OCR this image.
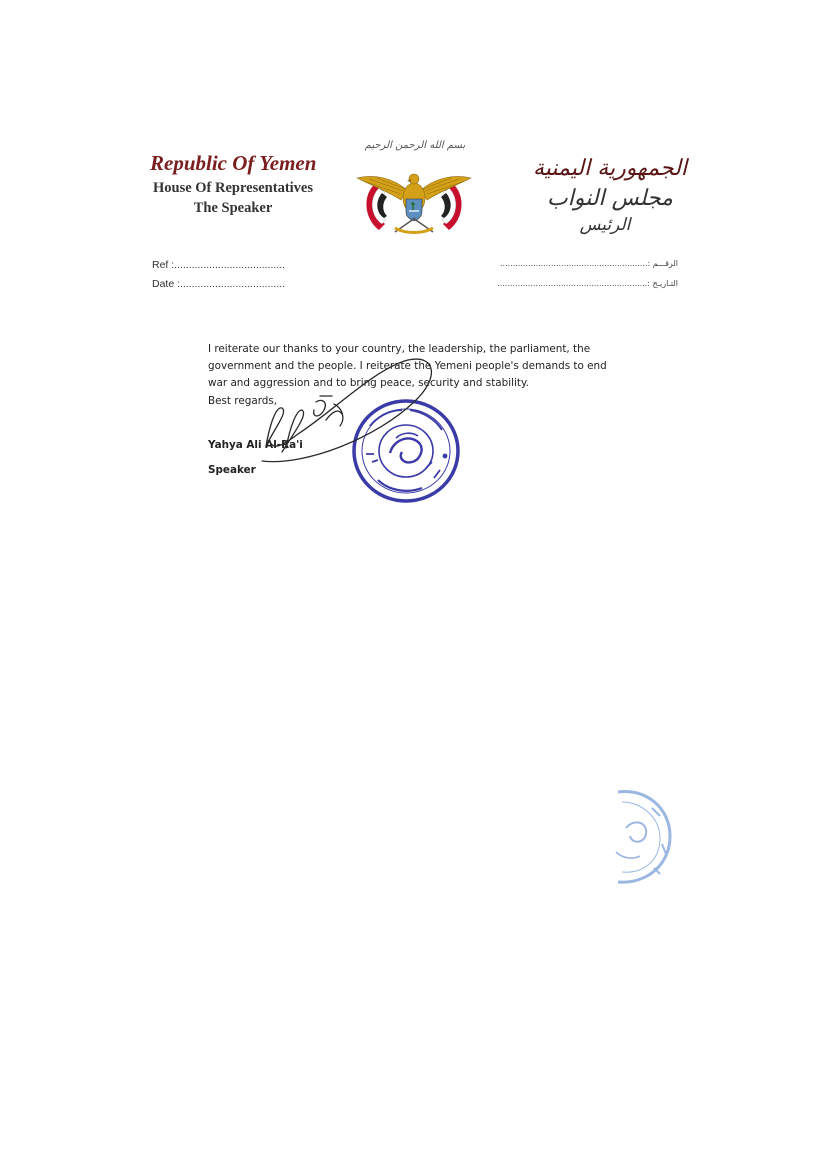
Republic Of Yemen
House Of Representatives
The Speaker
بسم الله الرحمن الرحيم
الجمهورية اليمنية
مجلس النواب
الرئيس
Ref :......................................
Date :....................................
الرقـــم :..........................................................
التـاريـخ :...........................................................
I reiterate our thanks to your country, the leadership, the parliament, the government and the people. I reiterate the Yemeni people's demands to end war and aggression and to bring peace, security and stability.
Best regards,
Yahya Ali Al-Ra'i
Speaker
